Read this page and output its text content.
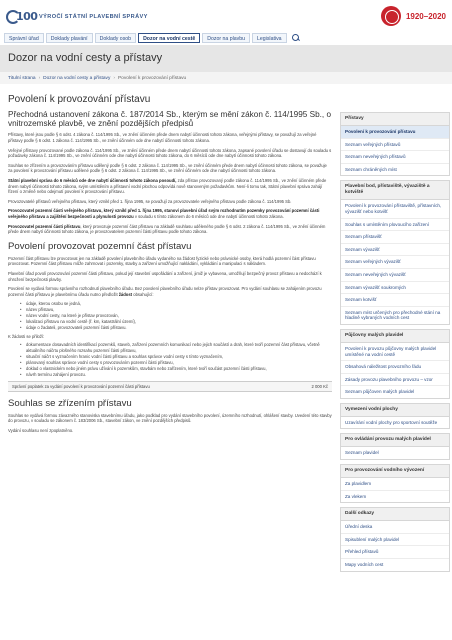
100 VÝROČÍ STÁTNÍ PLAVEBNÍ SPRÁVY	1920–2020
Správní úřad	Doklady plavání	Doklady osob	Dozor na vodní cestě	Dozor na plavbu	Legislativa
Dozor na vodní cesty a přístavy
Titulní strana › Dozor na vodní cesty a přístavy › Povolení k provozování přístavu
Povolení k provozování přístavu
Přechodná ustanovení zákona č. 187/2014 Sb., kterým se mění zákon č. 114/1995 Sb., o vnitrozemské plavbě, ve znění pozdějších předpisů

Přístavy, které jsou podle § 6 odst. 4 zákona č. 114/1995 Sb., ve znění účinném přede dnem nabytí účinnosti tohoto zákona, veřejnými přístavy, se považují za veřejné přístavy podle § 6 odst. 1 zákona č. 114/1995 Sb., ve znění účinném ode dne nabytí účinnosti tohoto zákona.

Veřejné přístavy provozované podle zákona č. 114/1995 Sb., ve znění účinném přede dnem nabytí účinnosti tohoto zákona, zapsané povolení úřadu se dostavují do souladu s požadavky zákona č. 114/1995 Sb., ve znění účinném ode dne nabytí účinnosti tohoto zákona, do 6 měsíců ode dne nabytí účinnosti tohoto zákona.

Souhlas se zřízením a provozováním přístavu udělený podle § 6 odst. 2 zákona č. 114/1995 Sb., ve znění účinném přede dnem nabytí účinnosti tohoto zákona, se považuje za povolení k provozování přístavu udělené podle § 6 odst. 2 zákona č. 114/1995 Sb., ve znění účinném ode dne nabytí účinnosti tohoto zákona.

Státní plavební správa do 6 měsíců ode dne nabytí účinnosti tohoto zákona posoudí, zda přístav provozovaný podle zákona č. 114/1995 Sb., ve znění účinném přede dnem nabytí účinnosti tohoto zákona, svým umístěním a přístavní vodní plochou odpovídá nově stanoveným požadavkům. Není-li tomu tak, Státní plavební správa zahájí řízení o změně nebo odejmutí povolení k provozování přístavu.

Provozovatelé přístavů veřejného přístavu, který vznikl před 1. října 1995, se považují za provozovatele veřejného přístavu podle zákona č. 114/1995 Sb.

Provozovatel pozemní části veřejného přístavu, který vznikl před 1. října 1995, stanoví plavební úřad svým rozhodnutím pozemky provozování pozemní části veřejného přístavu a zajištění bezpečnosti a plynulosti provozu v souladu s tímto zákonem do 6 měsíců ode dne nabytí účinnosti tohoto zákona.

Provozovatel pozemní části přístavu, který provozuje pozemní část přístavu na základě souhlasu uděleného podle § 6 odst. 2 zákona č. 114/1995 Sb., ve znění účinném přede dnem nabytí účinnosti tohoto zákona, je provozovatelem pozemní části přístavu podle tohoto zákona.

Povolení provozovat pozemní část přístavu

Pozemní část přístavu lze provozovat jen na základě povolení plavebního úřadu vydaného na žádost fyzické nebo právnické osoby, která hodlá pozemní část přístavu provozovat. Pozemní část přístavu může zahrnovat i pozemky, stavby a zařízení umožňující nakládání, vykládání a manipulaci s nákladem.

Plavební úřad povolí provozování pozemní části přístavu, pokud její stavební uspořádání a zařízení, jimiž je vybavena, umožňují bezpečný provoz přístavu a nedochází k ohrožení bezpečnosti plavby.

Povolení se vydává formou správního rozhodnutí plavebního úřadu. Bez povolení plavebního úřadu nelze přístav provozovat. Pro vydání souhlasu se zahájením provozu pozemní části přístavu je plavebnímu úřadu nutno předložit žádost obsahující:

• údaje, kterou osobu se jedná,
• název přístavu,
• název vodní cesty, na které je přístav provozován,
• lokalizaci přístavu na vodní cestě (ř. km, katastrální území),
• údaje o žadateli, provozovateli pozemní části přístavu.
K žádosti se přiloží:
• dokumentace dosavadních identifikací pozemků, staveb, zařízení pozemních komunikací nebo jejich součástí a drah, které tvoří pozemní část přístavu, včetně aktuálního náčrtu plošného rozsahu pozemní části přístavu,
• situační náčrt s vyznačením hranic vodní části přístavu a souhlas správce vodní cesty s tímto vyznačením,
• plánovaný souhlas správce vodní cesty s provozováním pozemní části přístavu,
• doklad o vlastnickém nebo jiném právu užívání k pozemkům, stavbám nebo zařízením, které tvoří součást pozemní části přístavu,
• návrh termínu zahájení provozu.
Správní poplatek za vydání povolení k provozování pozemní části přístavu	2 000 Kč
Souhlas se zřízením přístavu

Souhlas se vydává formou závazného stanoviska stavebnímu úřadu, jako podklad pro vydání stavebního povolení, územního rozhodnutí, ohlášení stavby. Uvedení této stavby do provozu, v souladu se zákonem č. 183/2006 Sb., stavební zákon, ve znění pozdějších předpisů.

Vydání souhlasu není zpoplatněno.

Přístavy
Povolení k provozování přístavu
Seznam veřejných přístavů
Seznam neveřejných přístavů
Seznam chráněných míst
Plavební bod, přístaviště, vývaziště a kotviště
Povolení k provozování přístaviště, přístavních, vývazišť nebo kotvišť
Souhlas s umístěním plovoucího zařízení
Seznam přístavišť
Seznam vývazišť
Seznam veřejných vývazišť
Seznam neveřejných vývazišť
Seznam vývazišť soukromých
Seznam kotvišť
Seznam míst určených pro přechodné stání na hladině vybraných vodních cest
Půjčovny malých plavidel
Povolení k provozu půjčovny malých plavidel umístěné na vodní cestě
Obsahová náležitost provozního řádu
Zásady provozu plavebního provozu – vzor
Seznam půjčoven malých plavidel
Vymezení vodní plochy
Uzavírání vodní plochy pro sportovní soutěže
Pro ovládání provozu malých plavidel
Seznam plavidel
Pro provozování vodního vývození
Za plavidlem
Za vlekem
Další odkazy
Úřední deska
Spisublení malých plavidel
Přehled přístavů
Mapy vodních cest
